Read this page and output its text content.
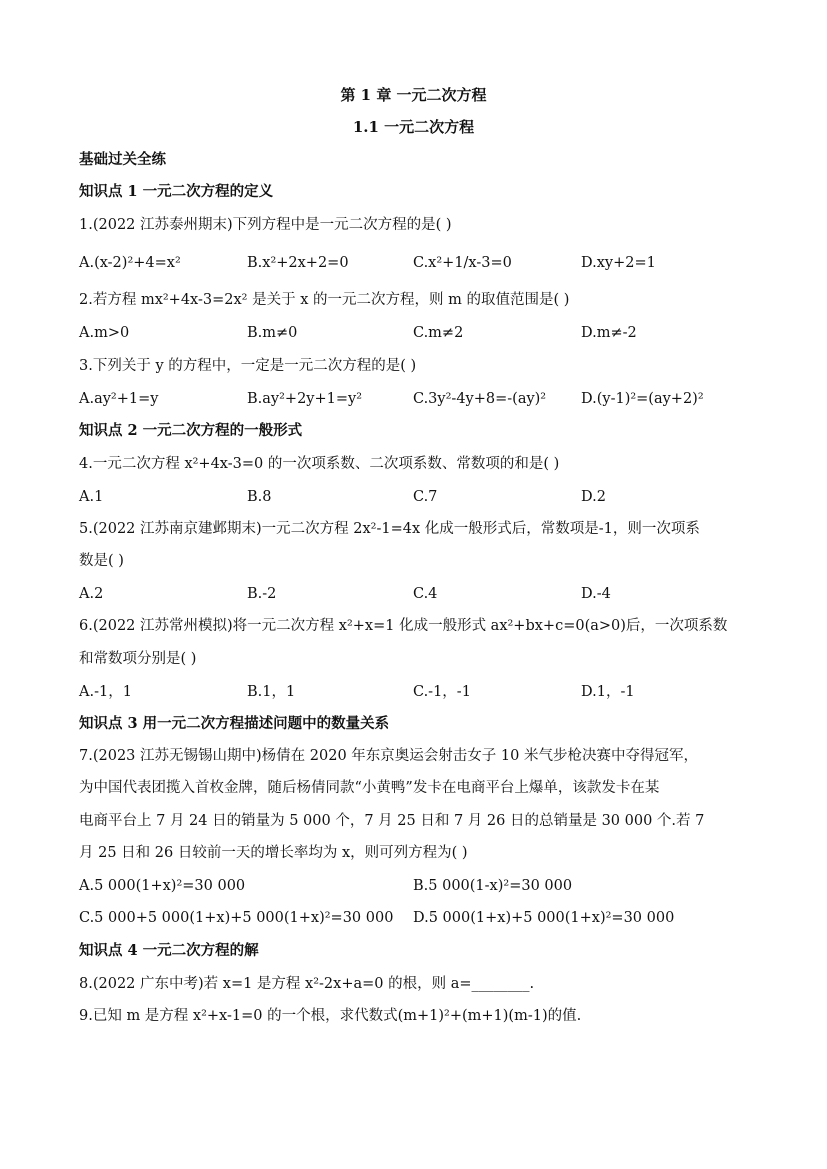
第 1 章 一元二次方程
1.1 一元二次方程
基础过关全练
知识点 1 一元二次方程的定义
1.(2022 江苏泰州期末)下列方程中是一元二次方程的是( )
A.(x-2)²+4=x²	B.x²+2x+2=0	C.x²+1/x-3=0	D.xy+2=1
2.若方程 mx²+4x-3=2x² 是关于 x 的一元二次方程，则 m 的取值范围是( )
A.m>0	B.m≠0	C.m≠2	D.m≠-2
3.下列关于 y 的方程中，一定是一元二次方程的是( )
A.ay²+1=y	B.ay²+2y+1=y²	C.3y²-4y+8=-(ay)² D.(y-1)²=(ay+2)²
知识点 2 一元二次方程的一般形式
4.一元二次方程 x²+4x-3=0 的一次项系数、二次项系数、常数项的和是( )
A.1	B.8	C.7	D.2
5.(2022 江苏南京建邺期末)一元二次方程 2x²-1=4x 化成一般形式后，常数项是-1，则一次项系
数是( )
A.2	B.-2	C.4	D.-4
6.(2022 江苏常州模拟)将一元二次方程 x²+x=1 化成一般形式 ax²+bx+c=0(a>0)后，一次项系数
和常数项分别是( )
A.-1，1	B.1，1	C.-1，-1	D.1，-1
知识点 3 用一元二次方程描述问题中的数量关系
7.(2023 江苏无锡锡山期中)杨倩在 2020 年东京奥运会射击女子 10 米气步枪决赛中夺得冠军，
为中国代表团揽入首枚金牌，随后杨倩同款“小黄鸭”发卡在电商平台上爆单，该款发卡在某
电商平台上 7 月 24 日的销量为 5 000 个，7 月 25 日和 7 月 26 日的总销量是 30 000 个.若 7
月 25 日和 26 日较前一天的增长率均为 x，则可列方程为( )
A.5 000(1+x)²=30 000	B.5 000(1-x)²=30 000
C.5 000+5 000(1+x)+5 000(1+x)²=30 000 D.5 000(1+x)+5 000(1+x)²=30 000
知识点 4 一元二次方程的解
8.(2022 广东中考)若 x=1 是方程 x²-2x+a=0 的根，则 a=________.
9.已知 m 是方程 x²+x-1=0 的一个根，求代数式(m+1)²+(m+1)(m-1)的值.
